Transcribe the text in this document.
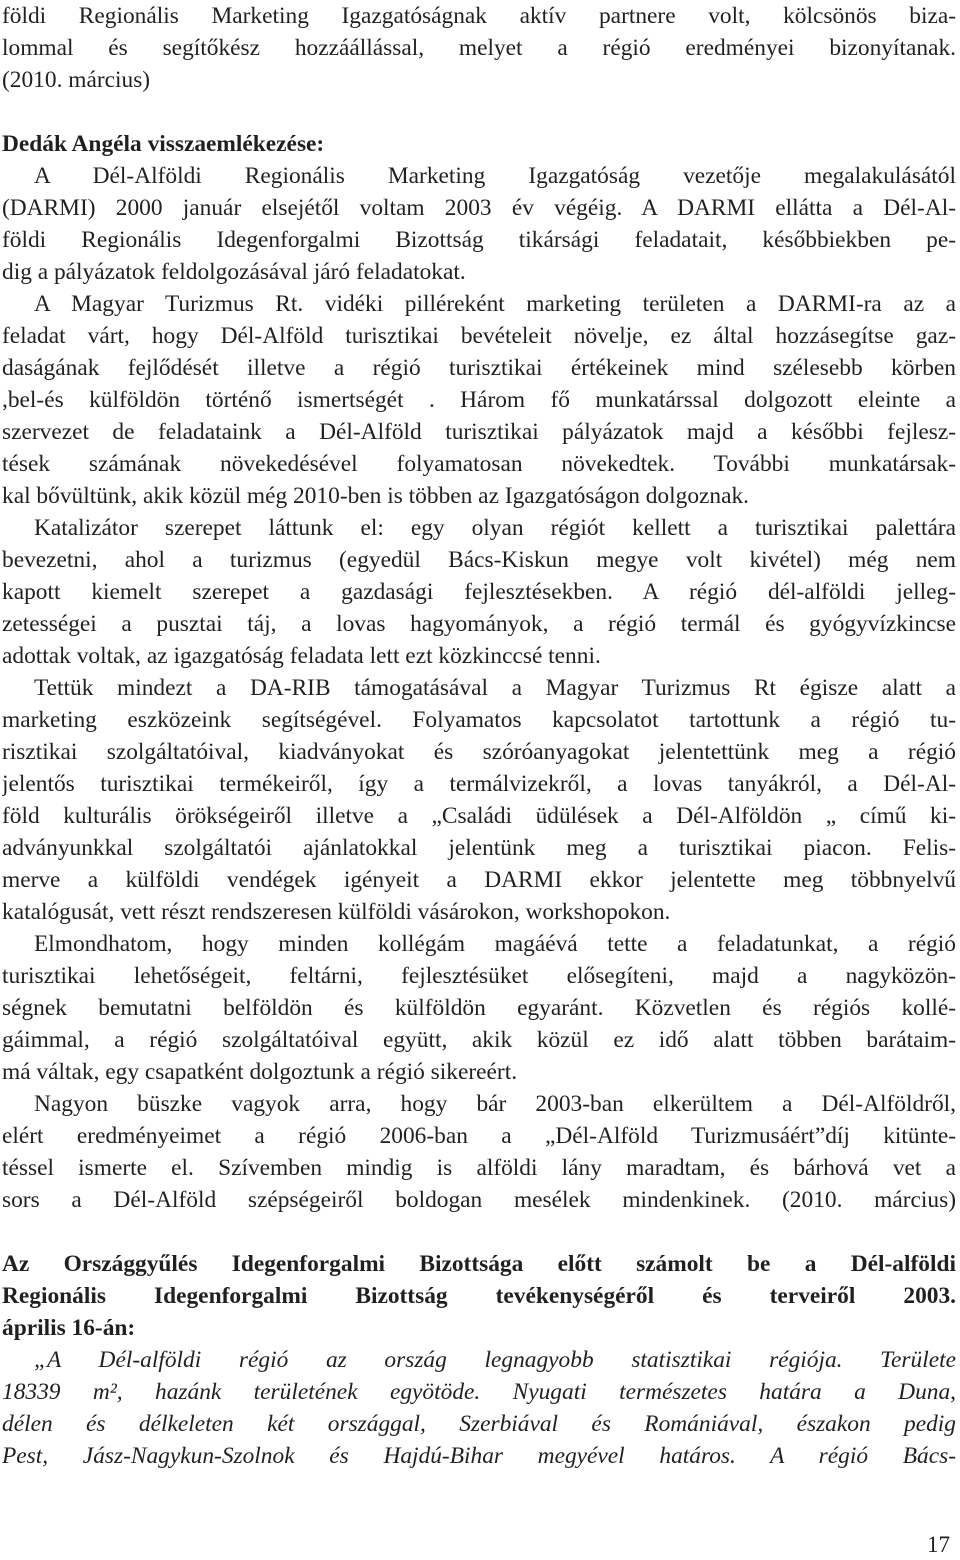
földi Regionális Marketing Igazgatóságnak aktív partnere volt, kölcsönös biza-
lommal és segítőkész hozzáállással, melyet a régió eredményei bizonyítanak.
(2010. március)
Dedák Angéla visszaemlékezése:
A Dél-Alföldi Regionális Marketing Igazgatóság vezetője megalakulásától
(DARMI) 2000 január elsejétől voltam 2003 év végéig. A DARMI ellátta a Dél-Al-
földi Regionális Idegenforgalmi Bizottság tikársági feladatait, későbbiekben pe-
dig a pályázatok feldolgozásával járó feladatokat.
A Magyar Turizmus Rt. vidéki pilléreként marketing területen a DARMI-ra az a
feladat várt, hogy Dél-Alföld turisztikai bevételeit növelje, ez által hozzásegítse gaz-
daságának fejlődését illetve a régió turisztikai értékeinek mind szélesebb körben
,bel-és külföldön történő ismertségét . Három fő munkatárssal dolgozott eleinte a
szervezet de feladataink a Dél-Alföld turisztikai pályázatok majd a későbbi fejlesz-
tések számának növekedésével folyamatosan növekedtek. További munkatársak-
kal bővültünk, akik közül még 2010-ben is többen az Igazgatóságon dolgoznak.
Katalizátor szerepet láttunk el: egy olyan régiót kellett a turisztikai palettára
bevezetni, ahol a turizmus (egyedül Bács-Kiskun megye volt kivétel) még nem
kapott kiemelt szerepet a gazdasági fejlesztésekben. A régió dél-alföldi jelleg-
zetességei a pusztai táj, a lovas hagyományok, a régió termál és gyógyvízkincse
adottak voltak, az igazgatóság feladata lett ezt közkinccsé tenni.
Tettük mindezt a DA-RIB támogatásával a Magyar Turizmus Rt égisze alatt a
marketing eszközeink segítségével. Folyamatos kapcsolatot tartottunk a régió tu-
risztikai szolgáltatóival, kiadványokat és szóróanyagokat jelentettünk meg a régió
jelentős turisztikai termékeiről, így a termálvizekről, a lovas tanyákról, a Dél-Al-
föld kulturális örökségeiről illetve a „Családi üdülések a Dél-Alföldön „ című ki-
adványunkkal szolgáltatói ajánlatokkal jelentünk meg a turisztikai piacon. Felis-
merve a külföldi vendégek igényeit a DARMI ekkor jelentette meg többnyelvű
katalógusát, vett részt rendszeresen külföldi vásárokon, workshopokon.
Elmondhatom, hogy minden kollégám magáévá tette a feladatunkat, a régió
turisztikai lehetőségeit, feltárni, fejlesztésüket elősegíteni, majd a nagyközön-
ségnek bemutatni belföldön és külföldön egyaránt. Közvetlen és régiós kollé-
gáimmal, a régió szolgáltatóival együtt, akik közül ez idő alatt többen barátaim-
má váltak, egy csapatként dolgoztunk a régió sikereért.
Nagyon büszke vagyok arra, hogy bár 2003-ban elkerültem a Dél-Alföldről,
elért eredményeimet a régió 2006-ban a „Dél-Alföld Turizmusáért”díj kitünte-
téssel ismerte el. Szívemben mindig is alföldi lány maradtam, és bárhová vet a
sors a Dél-Alföld szépségeiről boldogan mesélek mindenkinek. (2010. március)
Az Országgyűlés Idegenforgalmi Bizottsága előtt számolt be a Dél-alföldi
Regionális Idegenforgalmi Bizottság tevékenységéről és terveiről 2003.
április 16-án:
„A Dél-alföldi régió az ország legnagyobb statisztikai régiója. Területe
18339 m², hazánk területének egyötöde. Nyugati természetes határa a Duna,
délen és délkeleten két országgal, Szerbiával és Romániával, északon pedig
Pest, Jász-Nagykun-Szolnok és Hajdú-Bihar megyével határos. A régió Bács-
17
